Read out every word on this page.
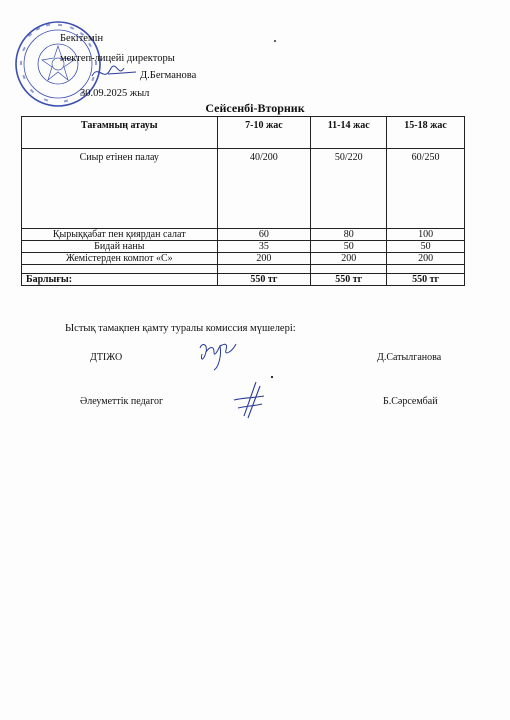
Бекітемін
мектеп-лицейі директоры
Д.Бегманова
30.09.2025 жыл
Сейсенбі-Вторник
Тағамның атауы	7-10 жас	11-14 жас	15-18 жас
Сиыр етінен палау	40/200	50/220	60/250
Қырыққабат пен қиярдан салат	60	80	100
Бидай наны	35	50	50
Жемістерден компот «С»	200	200	200

Барлығы:	550 тг	550 тг	550 тг
Ыстық тамақпен қамту туралы комиссия мүшелері:
ДТІЖО	Д.Сатылганова
Әлеуметтік педагог	Б.Сәрсембай
